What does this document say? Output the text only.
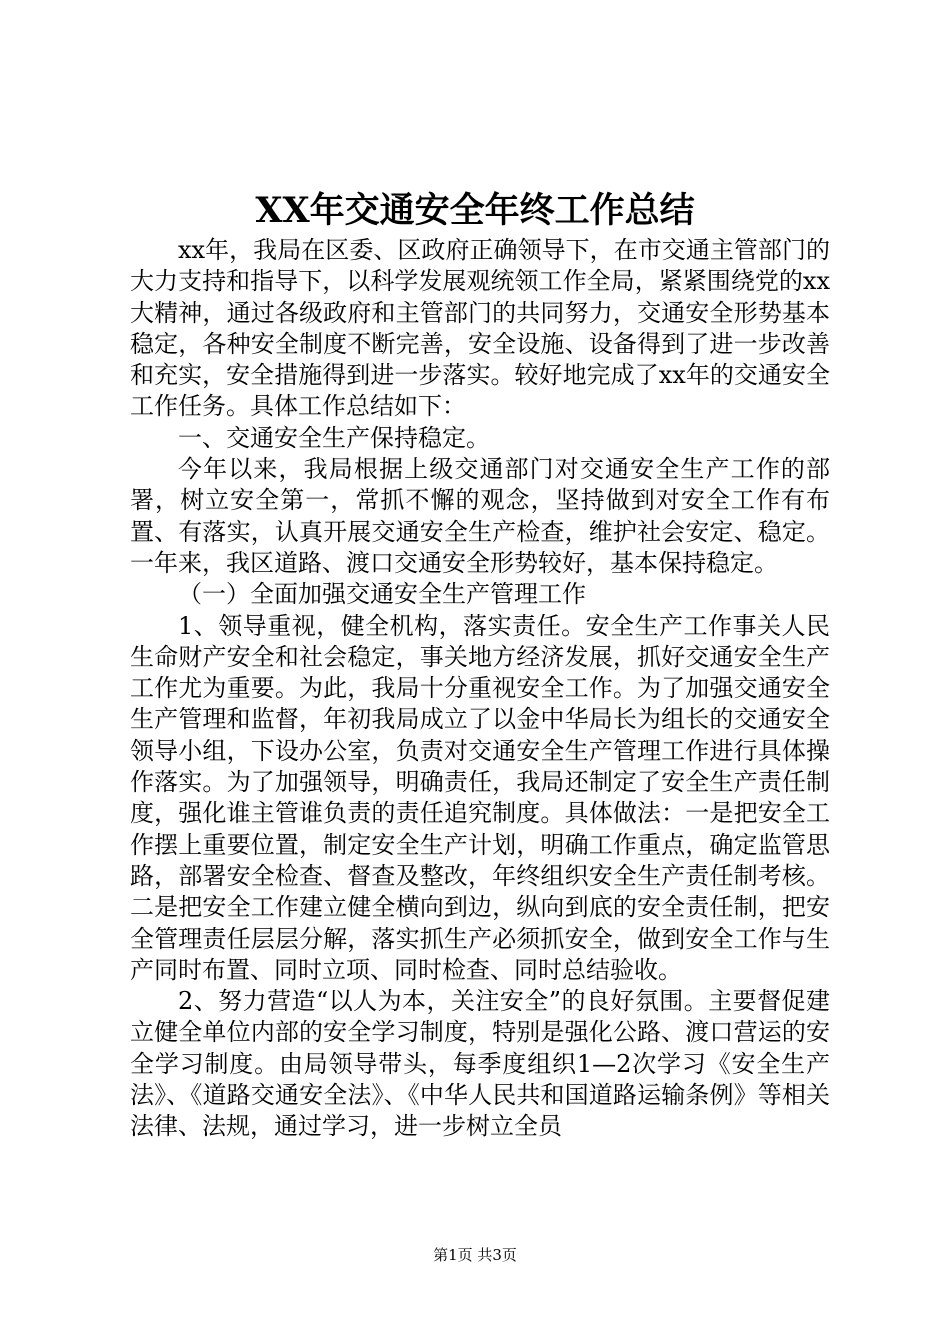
XX年交通安全年终工作总结

xx年，我局在区委、区政府正确领导下，在市交通主管部门的大力支持和指导下，以科学发展观统领工作全局，紧紧围绕党的xx大精神，通过各级政府和主管部门的共同努力，交通安全形势基本稳定，各种安全制度不断完善，安全设施、设备得到了进一步改善和充实，安全措施得到进一步落实。较好地完成了xx年的交通安全工作任务。具体工作总结如下：

一、交通安全生产保持稳定。

今年以来，我局根据上级交通部门对交通安全生产工作的部署，树立安全第一，常抓不懈的观念，坚持做到对安全工作有布置、有落实，认真开展交通安全生产检查，维护社会安定、稳定。一年来，我区道路、渡口交通安全形势较好，基本保持稳定。

（一）全面加强交通安全生产管理工作

1、领导重视，健全机构，落实责任。安全生产工作事关人民生命财产安全和社会稳定，事关地方经济发展，抓好交通安全生产工作尤为重要。为此，我局十分重视安全工作。为了加强交通安全生产管理和监督，年初我局成立了以金中华局长为组长的交通安全领导小组，下设办公室，负责对交通安全生产管理工作进行具体操作落实。为了加强领导，明确责任，我局还制定了安全生产责任制度，强化谁主管谁负责的责任追究制度。具体做法：一是把安全工作摆上重要位置，制定安全生产计划，明确工作重点，确定监管思路，部署安全检查、督查及整改，年终组织安全生产责任制考核。二是把安全工作建立健全横向到边，纵向到底的安全责任制，把安全管理责任层层分解，落实抓生产必须抓安全，做到安全工作与生产同时布置、同时立项、同时检查、同时总结验收。

2、努力营造“以人为本，关注安全”的良好氛围。主要督促建立健全单位内部的安全学习制度，特别是强化公路、渡口营运的安全学习制度。由局领导带头，每季度组织1—2次学习《安全生产法》、《道路交通安全法》、《中华人民共和国道路运输条例》等相关法律、法规，通过学习，进一步树立全员

第1页 共3页
